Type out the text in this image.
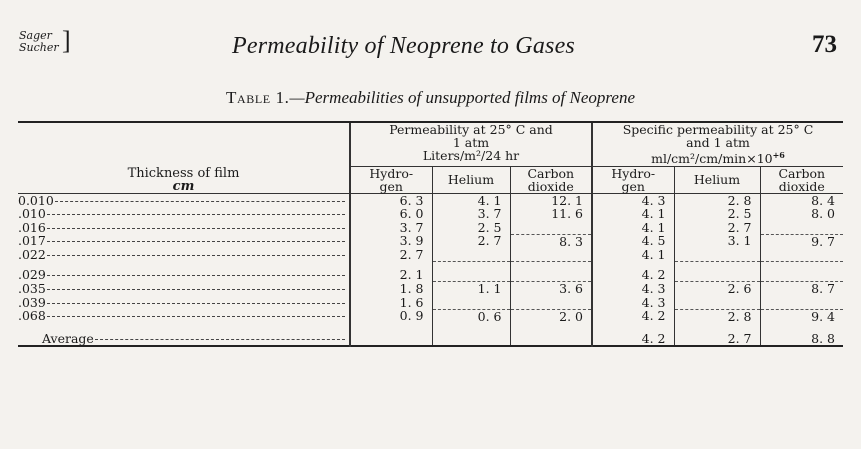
Sager
Sucher ]	Permeability of Neoprene to Gases	73
Table 1.—Permeabilities of unsupported films of Neoprene

Thickness of film
cm	Permeability at 25° C and
1 atm
Liters/m²/24 hr			Specific permeability at 25° C
and 1 atm
$ml/cm^2/cm/\min\times 10^{+6}$
	Hydro-
gen	Helium	Carbon
dioxide	Hydro-
gen	Helium	Carbon
dioxide

0.010	6. 3	4. 1	12. 1	4. 3	2. 8	8. 4
.010	6. 0	3. 7	11. 6	4. 1	2. 5	8. 0
.016	3. 7	2. 5		4. 1	2. 7	
.017	3. 9	2. 7	8. 3	4. 5	3. 1	9. 7
.022	2. 7			4. 1		

.029	2. 1			4. 2		
.035	1. 8	1. 1	3. 6	4. 3	2. 6	8. 7
.039	1. 6			4. 3		
.068	0. 9	0. 6	2. 0	4. 2	2. 8	9. 4

Average				4. 2	2. 7	8. 8
